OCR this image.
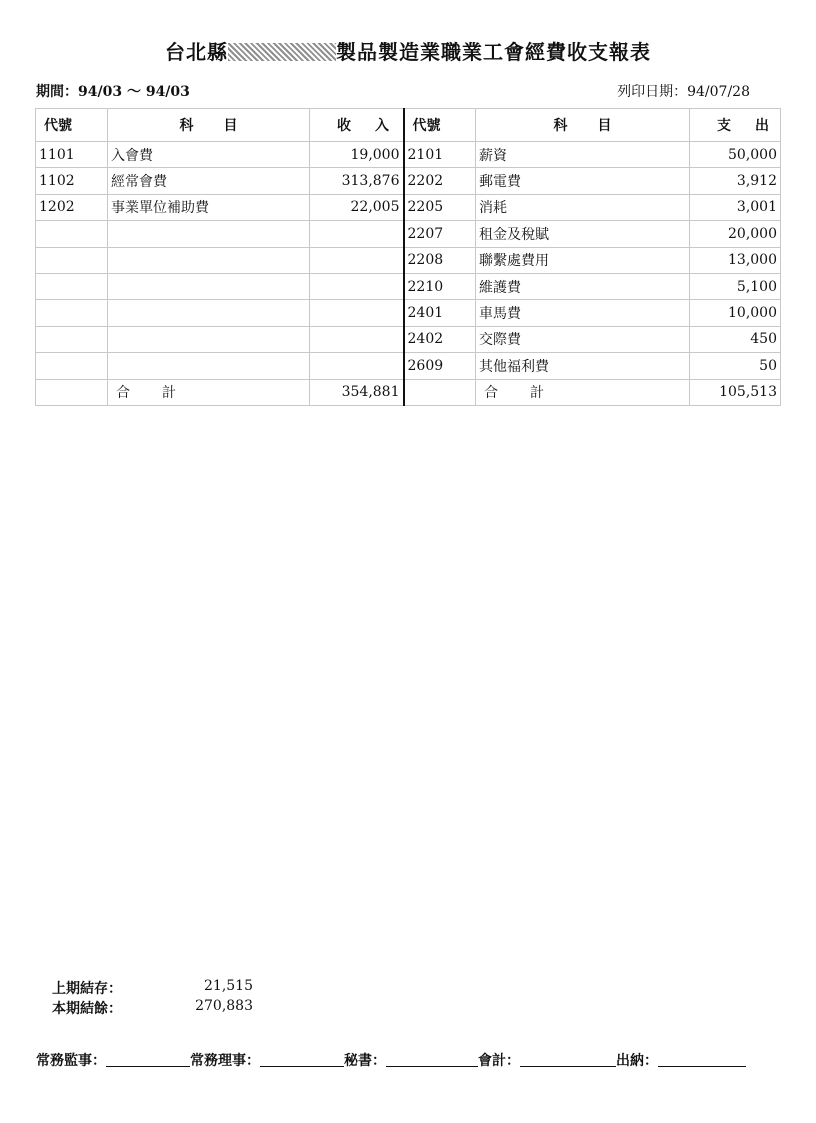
台北縣	製品製造業職業工會經費收支報表
期間：94/03 ～ 94/03	列印日期：94/07/28
代號	科目	收入	代號	科目	支出
1101	入會費	19,000	2101	薪資	50,000
1102	經常會費	313,876	2202	郵電費	3,912
1202	事業單位補助費	22,005	2205	消耗	3,001
			2207	租金及稅賦	20,000
			2208	聯繫處費用	13,000
			2210	維護費	5,100
			2401	車馬費	10,000
			2402	交際費	450
			2609	其他福利費	50
	合計	354,881		合計	105,513
上期結存：	21,515
本期結餘：	270,883
常務監事：	常務理事：	秘書：	會計：	出納：
